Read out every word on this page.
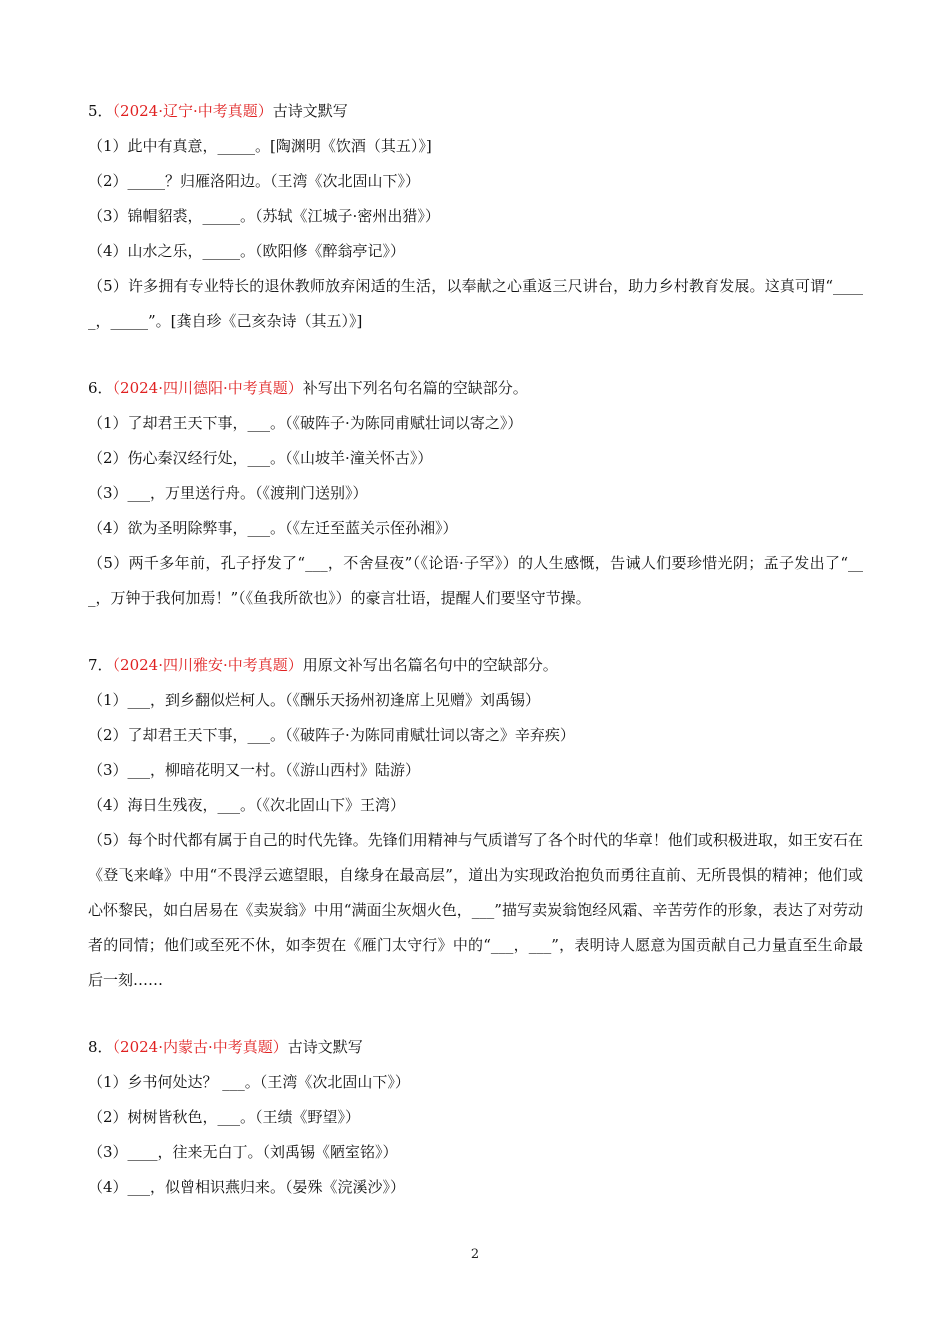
5．（2024·辽宁·中考真题）古诗文默写
（1）此中有真意，_____。[陶渊明《饮酒（其五）》]
（2）_____？归雁洛阳边。（王湾《次北固山下》）
（3）锦帽貂裘，_____。（苏轼《江城子·密州出猎》）
（4）山水之乐，_____。（欧阳修《醉翁亭记》）
（5）许多拥有专业特长的退休教师放弃闲适的生活，以奉献之心重返三尺讲台，助力乡村教育发展。这真可谓“_____，_____”。[龚自珍《己亥杂诗（其五）》]
6．（2024·四川德阳·中考真题）补写出下列名句名篇的空缺部分。
（1）了却君王天下事，___。（《破阵子·为陈同甫赋壮词以寄之》）
（2）伤心秦汉经行处，___。（《山坡羊·潼关怀古》）
（3）___，万里送行舟。（《渡荆门送别》）
（4）欲为圣明除弊事，___。（《左迁至蓝关示侄孙湘》）
（5）两千多年前，孔子抒发了“___，不舍昼夜”（《论语·子罕》）的人生感慨，告诫人们要珍惜光阴；孟子发出了“___，万钟于我何加焉！”（《鱼我所欲也》）的豪言壮语，提醒人们要坚守节操。
7．（2024·四川雅安·中考真题）用原文补写出名篇名句中的空缺部分。
（1）___，到乡翻似烂柯人。（《酬乐天扬州初逢席上见赠》刘禹锡）
（2）了却君王天下事，___。（《破阵子·为陈同甫赋壮词以寄之》辛弃疾）
（3）___，柳暗花明又一村。（《游山西村》陆游）
（4）海日生残夜，___。（《次北固山下》王湾）
（5）每个时代都有属于自己的时代先锋。先锋们用精神与气质谱写了各个时代的华章！他们或积极进取，如王安石在《登飞来峰》中用“不畏浮云遮望眼，自缘身在最高层”，道出为实现政治抱负而勇往直前、无所畏惧的精神；他们或心怀黎民，如白居易在《卖炭翁》中用“满面尘灰烟火色，___”描写卖炭翁饱经风霜、辛苦劳作的形象，表达了对劳动者的同情；他们或至死不休，如李贺在《雁门太守行》中的“___，___”，表明诗人愿意为国贡献自己力量直至生命最后一刻……
8．（2024·内蒙古·中考真题）古诗文默写
（1）乡书何处达？ ___。（王湾《次北固山下》）
（2）树树皆秋色，___。（王绩《野望》）
（3）____，往来无白丁。（刘禹锡《陋室铭》）
（4）___，似曾相识燕归来。（晏殊《浣溪沙》）
2
